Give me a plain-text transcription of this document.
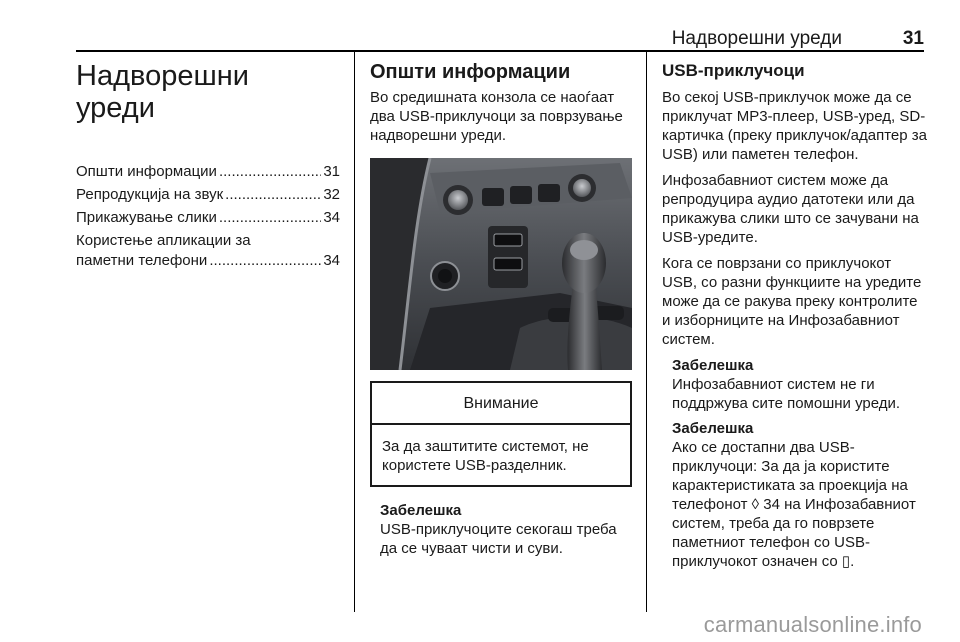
Надворешни уреди	31
Надворешни
уреди
Општи информации .....	31
Репродукција на звук .....	32
Прикажување слики .....	34
Користење апликации за
паметни телефони .....	34
Општи информации
Во средишната конзола се наоѓаат два USB-приклучоци за поврзување надворешни уреди.
Внимание
За да заштитите системот, не користете USB-разделник.
Забелешка
USB-приклучоците секогаш треба да се чуваат чисти и суви.
USB-приклучоци
Во секој USB-приклучок може да се приклучат MP3-плеер, USB-уред, SD-картичка (преку приклучок/адаптер за USB) или паметен телефон.
Инфозабавниот систем може да репродуцира аудио датотеки или да прикажува слики што се зачувани на USB-уредите.
Кога се поврзани со приклучокот USB, со разни функциите на уредите може да се ракува преку контролите и изборниците на Инфозабавниот систем.
Забелешка
Инфозабавниот систем не ги поддржува сите помошни уреди.
Забелешка
Ако се достапни два USB-приклучоци: За да ја користите карактеристиката за проекција на телефонот ◊ 34 на Инфозабавниот систем, треба да го поврзете паметниот телефон со USB-приклучокот означен со ▯.
carmanualsonline.info
